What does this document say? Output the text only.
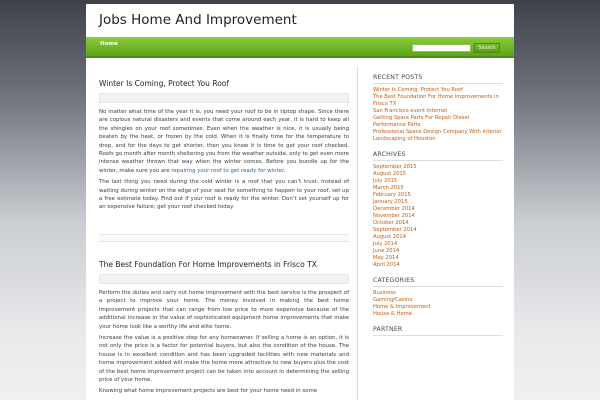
Jobs Home And Improvement
Home
Search
Winter Is Coming, Protect You Roof

No matter what time of the year it is, you need your roof to be in tiptop shape. Since there are copious natural disasters and events that come around each year, it is hard to keep all the shingles on your roof sometimes. Even when the weather is nice, it is usually being beaten by the heat, or frozen by the cold. When it is finally time for the temperature to drop, and for the days to get shorter, then you know it is time to get your roof checked. Roofs go month after month sheltering you from the weather outside, only to get even more intense weather thrown that way when the winter comes. Before you bundle up for the winter, make sure you are repairing your roof to get ready for winter.

The last thing you need during the cold winter is a roof that you can’t trust. Instead of waiting during winter on the edge of your seat for something to happen to your roof, set up a free estimate today. Find out if your roof is ready for the winter. Don’t set yourself up for an expensive failure; get your roof checked today.

The Best Foundation For Home Improvements in Frisco TX

Perform the duties and carry out home improvement with the best service is the prospect of a project to improve your home. The money involved in making the best home improvement projects that can range from low price to more expensive because of the additional increase in the value of sophisticated equipment home improvements that make your home look like a worthy life and elite home.

Increase the value is a positive step for any homeowner. If selling a home is an option, it is not only the price is a factor for potential buyers, but also the condition of the house. The house is in excellent condition and has been upgraded facilities with new materials and home improvement added will make the home more attractive to new buyers plus the cost of the best home improvement project can be taken into account in determining the selling price of your home.

Knowing what home improvement projects are best for your home need in some

RECENT POSTS
Winter Is Coming, Protect You Roof
The Best Foundation For Home Improvements in Frisco TX
San Francisco event Internet
Getting Spare Parts For Repair Diesel Performance Parts
Professional Space Design Company With Interior Landscaping of Houston
ARCHIVES
September 2015
August 2015
July 2015
March 2015
February 2015
January 2015
December 2014
November 2014
October 2014
September 2014
August 2014
July 2014
June 2014
May 2014
April 2014
CATEGORIES
Business
Gaming/Casino
Home & Improvement
House & Home
PARTNER
